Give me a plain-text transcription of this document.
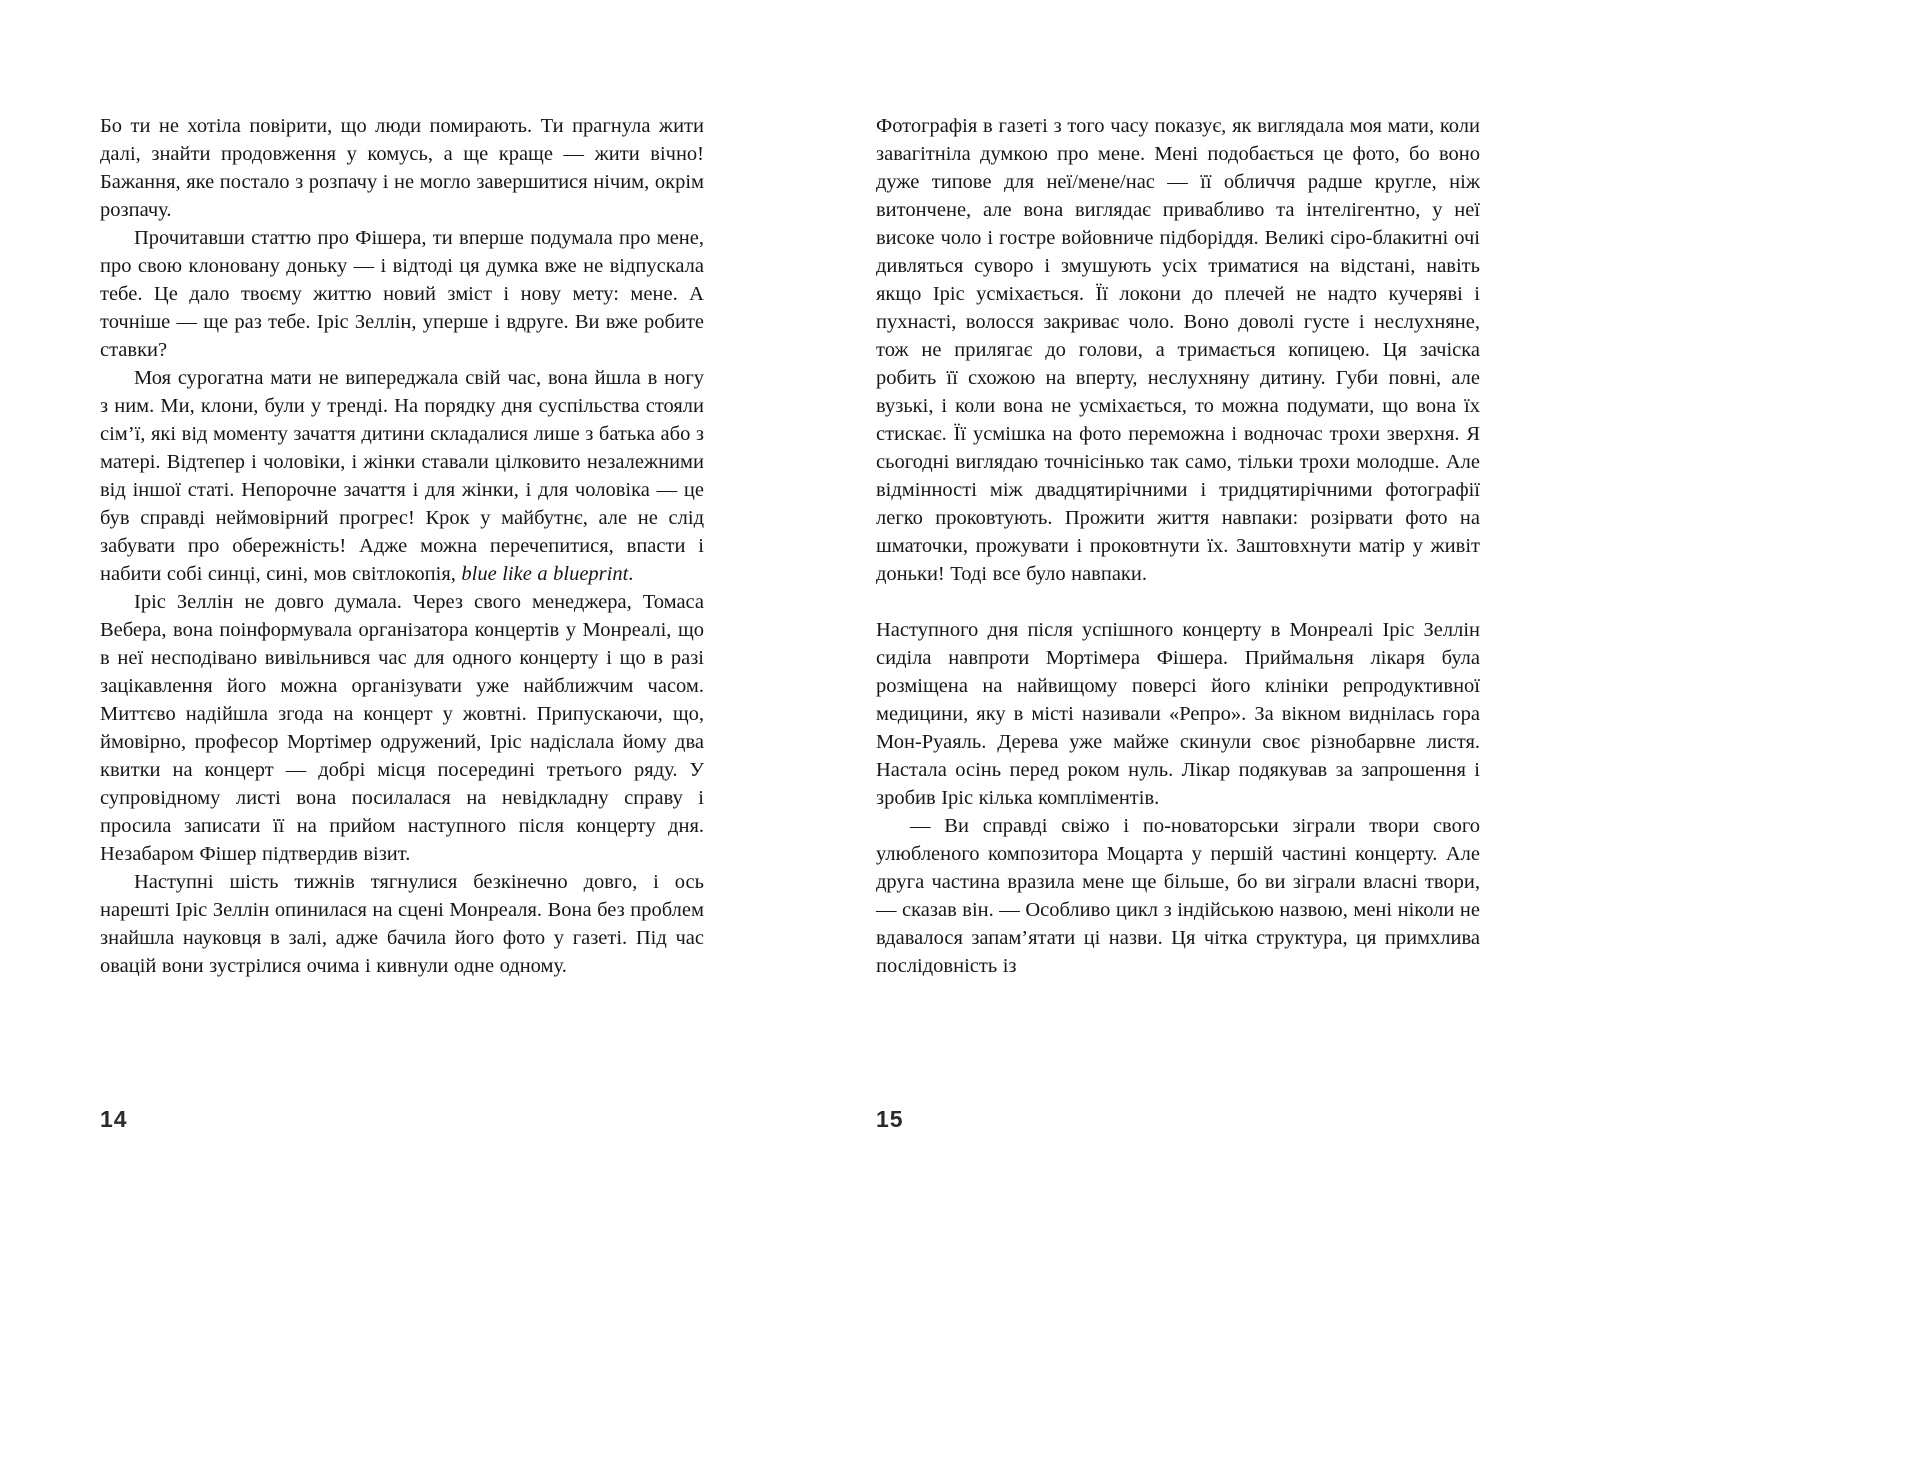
Бо ти не хотіла повірити, що люди помирають. Ти прагнула жити далі, знайти продовження у комусь, а ще краще — жити вічно! Бажання, яке постало з розпачу і не могло завершитися нічим, окрім розпачу.

Прочитавши статтю про Фішера, ти вперше подумала про мене, про свою клоновану доньку — і відтоді ця думка вже не відпускала тебе. Це дало твоєму життю новий зміст і нову мету: мене. А точніше — ще раз тебе. Іріс Зеллін, уперше і вдруге. Ви вже робите ставки?

Моя сурогатна мати не випереджала свій час, вона йшла в ногу з ним. Ми, клони, були у тренді. На порядку дня суспільства стояли сім’ї, які від моменту зачаття дитини складалися лише з батька або з матері. Відтепер і чоловіки, і жінки ставали цілковито незалежними від іншої статі. Непорочне зачаття і для жінки, і для чоловіка — це був справді неймовірний прогрес! Крок у майбутнє, але не слід забувати про обережність! Адже можна перечепитися, впасти і набити собі синці, сині, мов світлокопія, blue like a blueprint.

Іріс Зеллін не довго думала. Через свого менеджера, Томаса Вебера, вона поінформувала організатора концертів у Монреалі, що в неї несподівано вивільнився час для одного концерту і що в разі зацікавлення його можна організувати уже найближчим часом. Миттєво надійшла згода на концерт у жовтні. Припускаючи, що, ймовірно, професор Мортімер одружений, Іріс надіслала йому два квитки на концерт — добрі місця посередині третього ряду. У супровідному листі вона посилалася на невідкладну справу і просила записати її на прийом наступного після концерту дня. Незабаром Фішер підтвердив візит.

Наступні шість тижнів тягнулися безкінечно довго, і ось нарешті Іріс Зеллін опинилася на сцені Монреаля. Вона без проблем знайшла науковця в залі, адже бачила його фото у газеті. Під час овацій вони зустрілися очима і кивнули одне одному.

14

Фотографія в газеті з того часу показує, як виглядала моя мати, коли завагітніла думкою про мене. Мені подобається це фото, бо воно дуже типове для неї/мене/нас — її обличчя радше кругле, ніж витончене, але вона виглядає привабливо та інтелігентно, у неї високе чоло і гостре войовниче підборіддя. Великі сіро-блакитні очі дивляться суворо і змушують усіх триматися на відстані, навіть якщо Іріс усміхається. Її локони до плечей не надто кучеряві і пухнасті, волосся закриває чоло. Воно доволі густе і неслухняне, тож не прилягає до голови, а тримається копицею. Ця зачіска робить її схожою на вперту, неслухняну дитину. Губи повні, але вузькі, і коли вона не усміхається, то можна подумати, що вона їх стискає. Її усмішка на фото переможна і водночас трохи зверхня. Я сьогодні виглядаю точнісінько так само, тільки трохи молодше. Але відмінності між двадцятирічними і тридцятирічними фотографії легко проковтують. Прожити життя навпаки: розірвати фото на шматочки, прожувати і проковтнути їх. Заштовхнути матір у живіт доньки! Тоді все було навпаки.

Наступного дня після успішного концерту в Монреалі Іріс Зеллін сиділа навпроти Мортімера Фішера. Приймальня лікаря була розміщена на найвищому поверсі його клініки репродуктивної медицини, яку в місті називали «Репро». За вікном виднілась гора Мон-Руаяль. Дерева уже майже скинули своє різнобарвне листя. Настала осінь перед роком нуль. Лікар подякував за запрошення і зробив Іріс кілька компліментів.

— Ви справді свіжо і по-новаторськи зіграли твори свого улюбленого композитора Моцарта у першій частині концерту. Але друга частина вразила мене ще більше, бо ви зіграли власні твори, — сказав він. — Особливо цикл з індійською назвою, мені ніколи не вдавалося запам’ятати ці назви. Ця чітка структура, ця примхлива послідовність із

15
